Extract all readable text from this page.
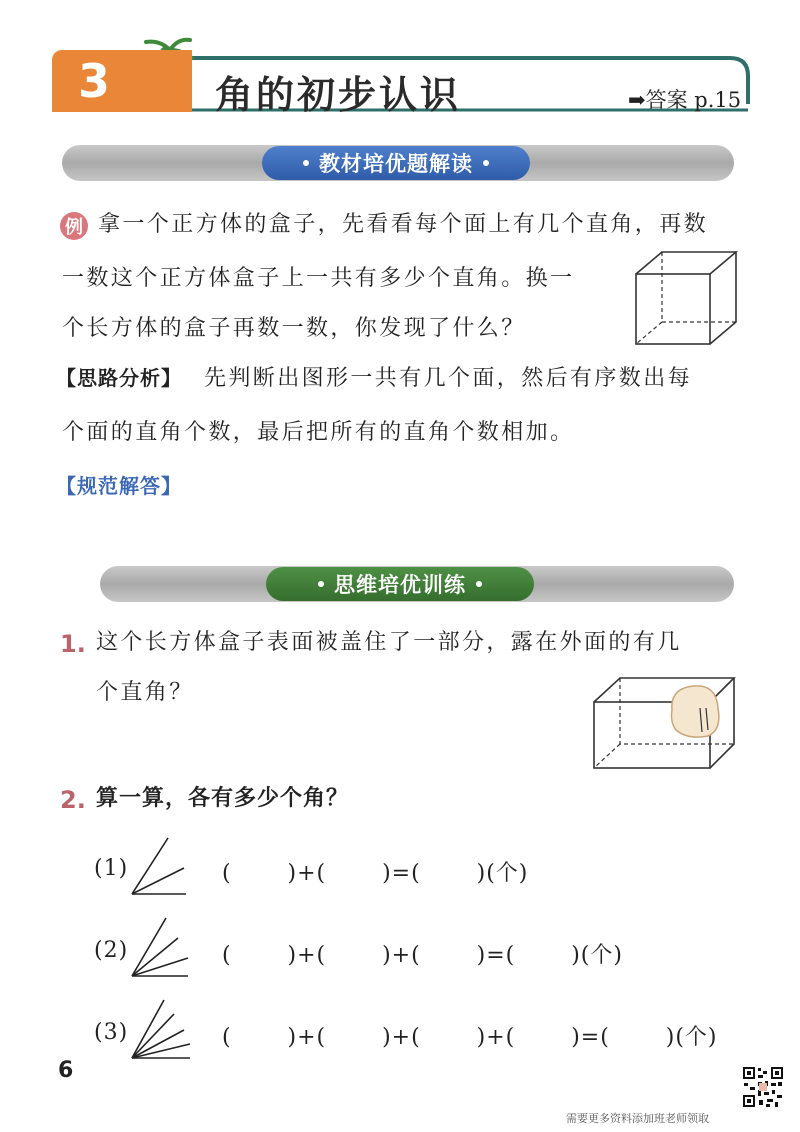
3	角的初步认识	➡答案 p.15
教材培优题解读
例 拿一个正方体的盒子，先看看每个面上有几个直角，再数
一数这个正方体盒子上一共有多少个直角。换一
个长方体的盒子再数一数，你发现了什么？
【思路分析】 先判断出图形一共有几个面，然后有序数出每
个面的直角个数，最后把所有的直角个数相加。
【规范解答】
思维培优训练
1. 这个长方体盒子表面被盖住了一部分，露在外面的有几
个直角？
2. 算一算，各有多少个角？
(1)	(       )+(       )=(       )(个)
(2)	(       )+(       )+(       )=(       )(个)
(3)	(       )+(       )+(       )+(       )=(       )(个)
6
需要更多资料添加班老师领取
